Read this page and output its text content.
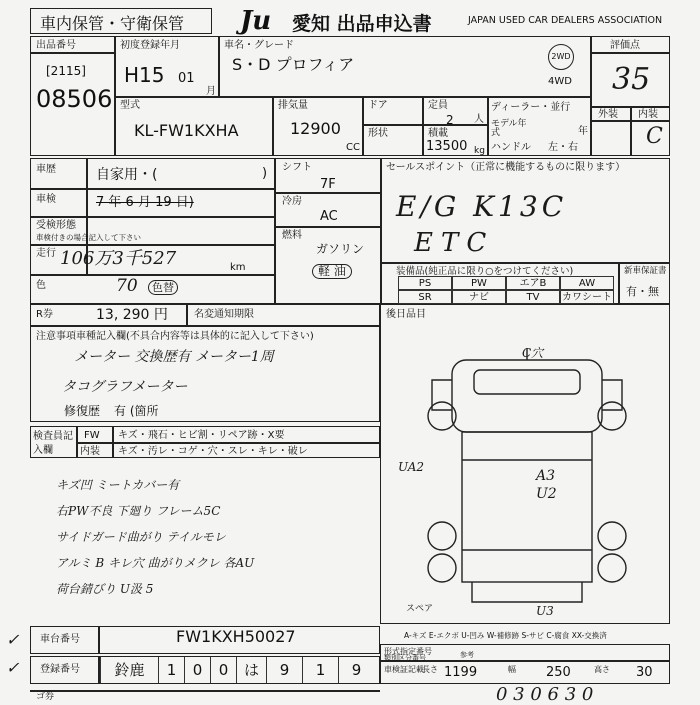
車内保管・守衛保管 Ju	愛知 出品申込書	JAPAN USED CAR DEALERS ASSOCIATION
出品番号
[2115]
08506
初度登録年月
H15 01
月
車名・グレード
S・D プロフィア	2WD
4WD
評価点
35
外装 内装
C
型式
KL-FW1KXHA
排気量
12900
CC
ドア
形状
定員
2 人
積載
13500 kg
ディーラー・並行
モデル年式	年
ハンドル 左・右
車歴	自家用・(	)
車検	7 年 6 月 19 日)
受検形態
車検付きの場合記入して下さい
走行 106万3千527	km
色	70	色替
シフト
7F
冷房
AC
燃料
ガソリン
軽 油
セールスポイント（正常に機能するものに限ります）
E/G K13C
ETC
装備品(純正品に限り○をつけてください)	新車保証書
有・無
PS	PW	エアB	AW
SR	ナビ	TV	カワシート
R券	13, 290 円	名変通知期限
注意事項車種記入欄(不具合内容等は具体的に記入して下さい)
メーター 交換歴有 メーター1周
タコグラフメーター
修復歴 有 (箇所
後日品目
検査員記入欄
FW キズ・飛石・ヒビ割・リペア跡・X要
内装 キズ・汚レ・コゲ・穴・スレ・キレ・破レ
キズ凹 ミートカバー有
右PW不良 下廻り フレーム5C
サイドガード曲がり テイルモレ
アルミ B キレ穴 曲がりメクレ 各AU
荷台錆びり U汲 5
C穴
UA2
A3
U2
U3
スペア
A-キズ E-エクボ U-凹み W-補修跡 S-サビ C-腐食 XX-交換済
車台番号	FW1KXH50027
登録番号	鈴鹿	1	0	0	は	9	1	9
形式指定番号
類別区分番号	参考
車検証記載
長さ 1199	幅 250	高さ 30
ゴ券	0 3 0 6 3 0
✓
✓
